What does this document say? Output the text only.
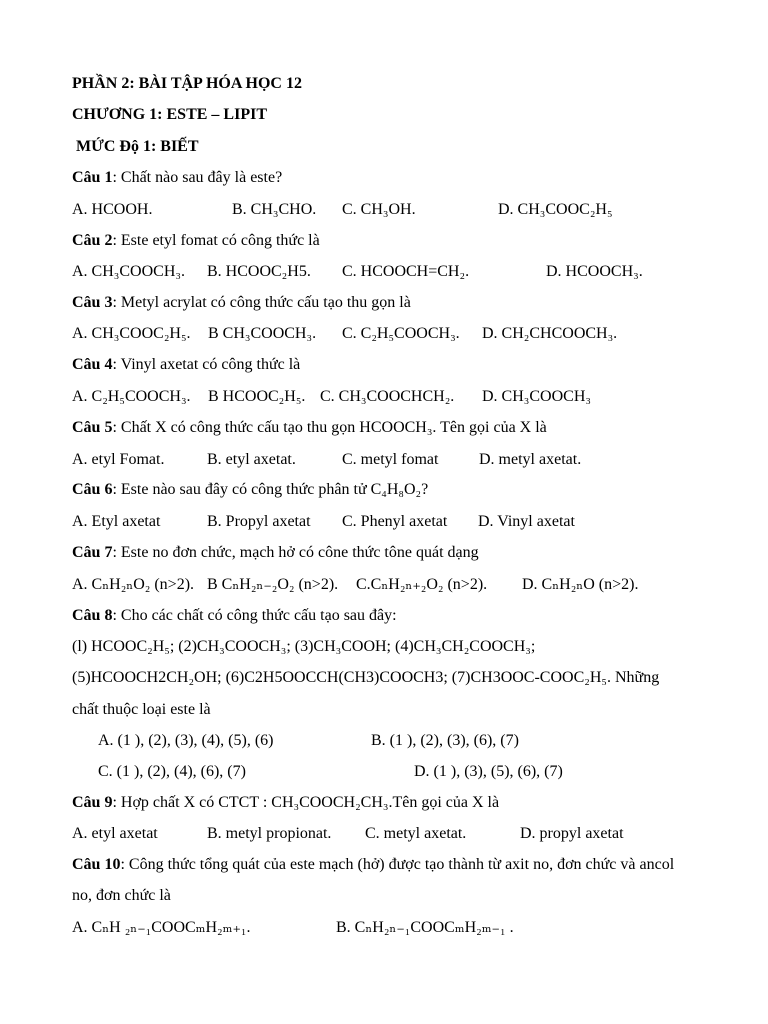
PHẦN 2: BÀI TẬP HÓA HỌC 12
CHƯƠNG 1: ESTE – LIPIT
MỨC Độ 1: BIẾT
Câu 1: Chất nào sau đây là este?
A. HCOOH.	B. CH₃CHO. C. CH₃OH.	D. CH₃COOC₂H₅
Câu 2: Este etyl fomat có công thức là
A. CH₃COOCH₃. B. HCOOC₂H5. C. HCOOCH=CH₂.	D. HCOOCH₃.
Câu 3: Metyl acrylat có công thức cấu tạo thu gọn là
A. CH₃COOC₂H₅. B CH₃COOCH₃. C. C₂H₅COOCH₃. D. CH₂CHCOOCH₃.
Câu 4: Vinyl axetat có công thức là
A. C₂H₅COOCH₃. B HCOOC₂H₅. C. CH₃COOCHCH₂. D. CH₃COOCH₃
Câu 5: Chất X có công thức cấu tạo thu gọn HCOOCH₃. Tên gọi của X là
A. etyl Fomat.	B. etyl axetat.	C. metyl fomat	D. metyl axetat.
Câu 6: Este nào sau đây có công thức phân tử C₄H₈O₂?
A. Etyl axetat	B. Propyl axetat C. Phenyl axetat D. Vinyl axetat
Câu 7: Este no đơn chức, mạch hở có côn​e thức tôn​e quát dạng
A. CₙH₂ₙO₂ (n>2). B CₙH₂ₙ₋₂O₂ (n>2). C.CₙH₂ₙ₊₂O₂ (n>2). D. CₙH₂ₙO (n>2).
Câu 8: Cho các chất có công thức cấu tạo sau đây:
(l) HCOOC₂H₅; (2)CH₃COOCH₃; (3)CH₃COOH; (4)CH₃CH₂COOCH₃;
(5)HCOOCH2CH₂OH; (6)C2H5OOCCH(CH3)COOCH3; (7)CH3OOC-COOC₂H₅. Những
chất thuộc loại este là
A. (1 ), (2), (3), (4), (5), (6)	B. (1 ), (2), (3), (6), (7)
C. (1 ), (2), (4), (6), (7)	D. (1 ), (3), (5), (6), (7)
Câu 9: Hợp chất X có CTCT : CH₃COOCH₂CH₃.Tên gọi của X là
A. etyl axetat	B. metyl propionat. C. metyl axetat.	D. propyl axetat
Câu 10: Công thức tổng quát của este mạch (hở) được tạo thành từ axit no, đơn chức và ancol
no, đơn chức là
A. CₙH ₂ₙ₋₁COOCₘH₂ₘ₊₁.	B. CₙH₂ₙ₋₁COOCₘH₂ₘ₋₁ .
